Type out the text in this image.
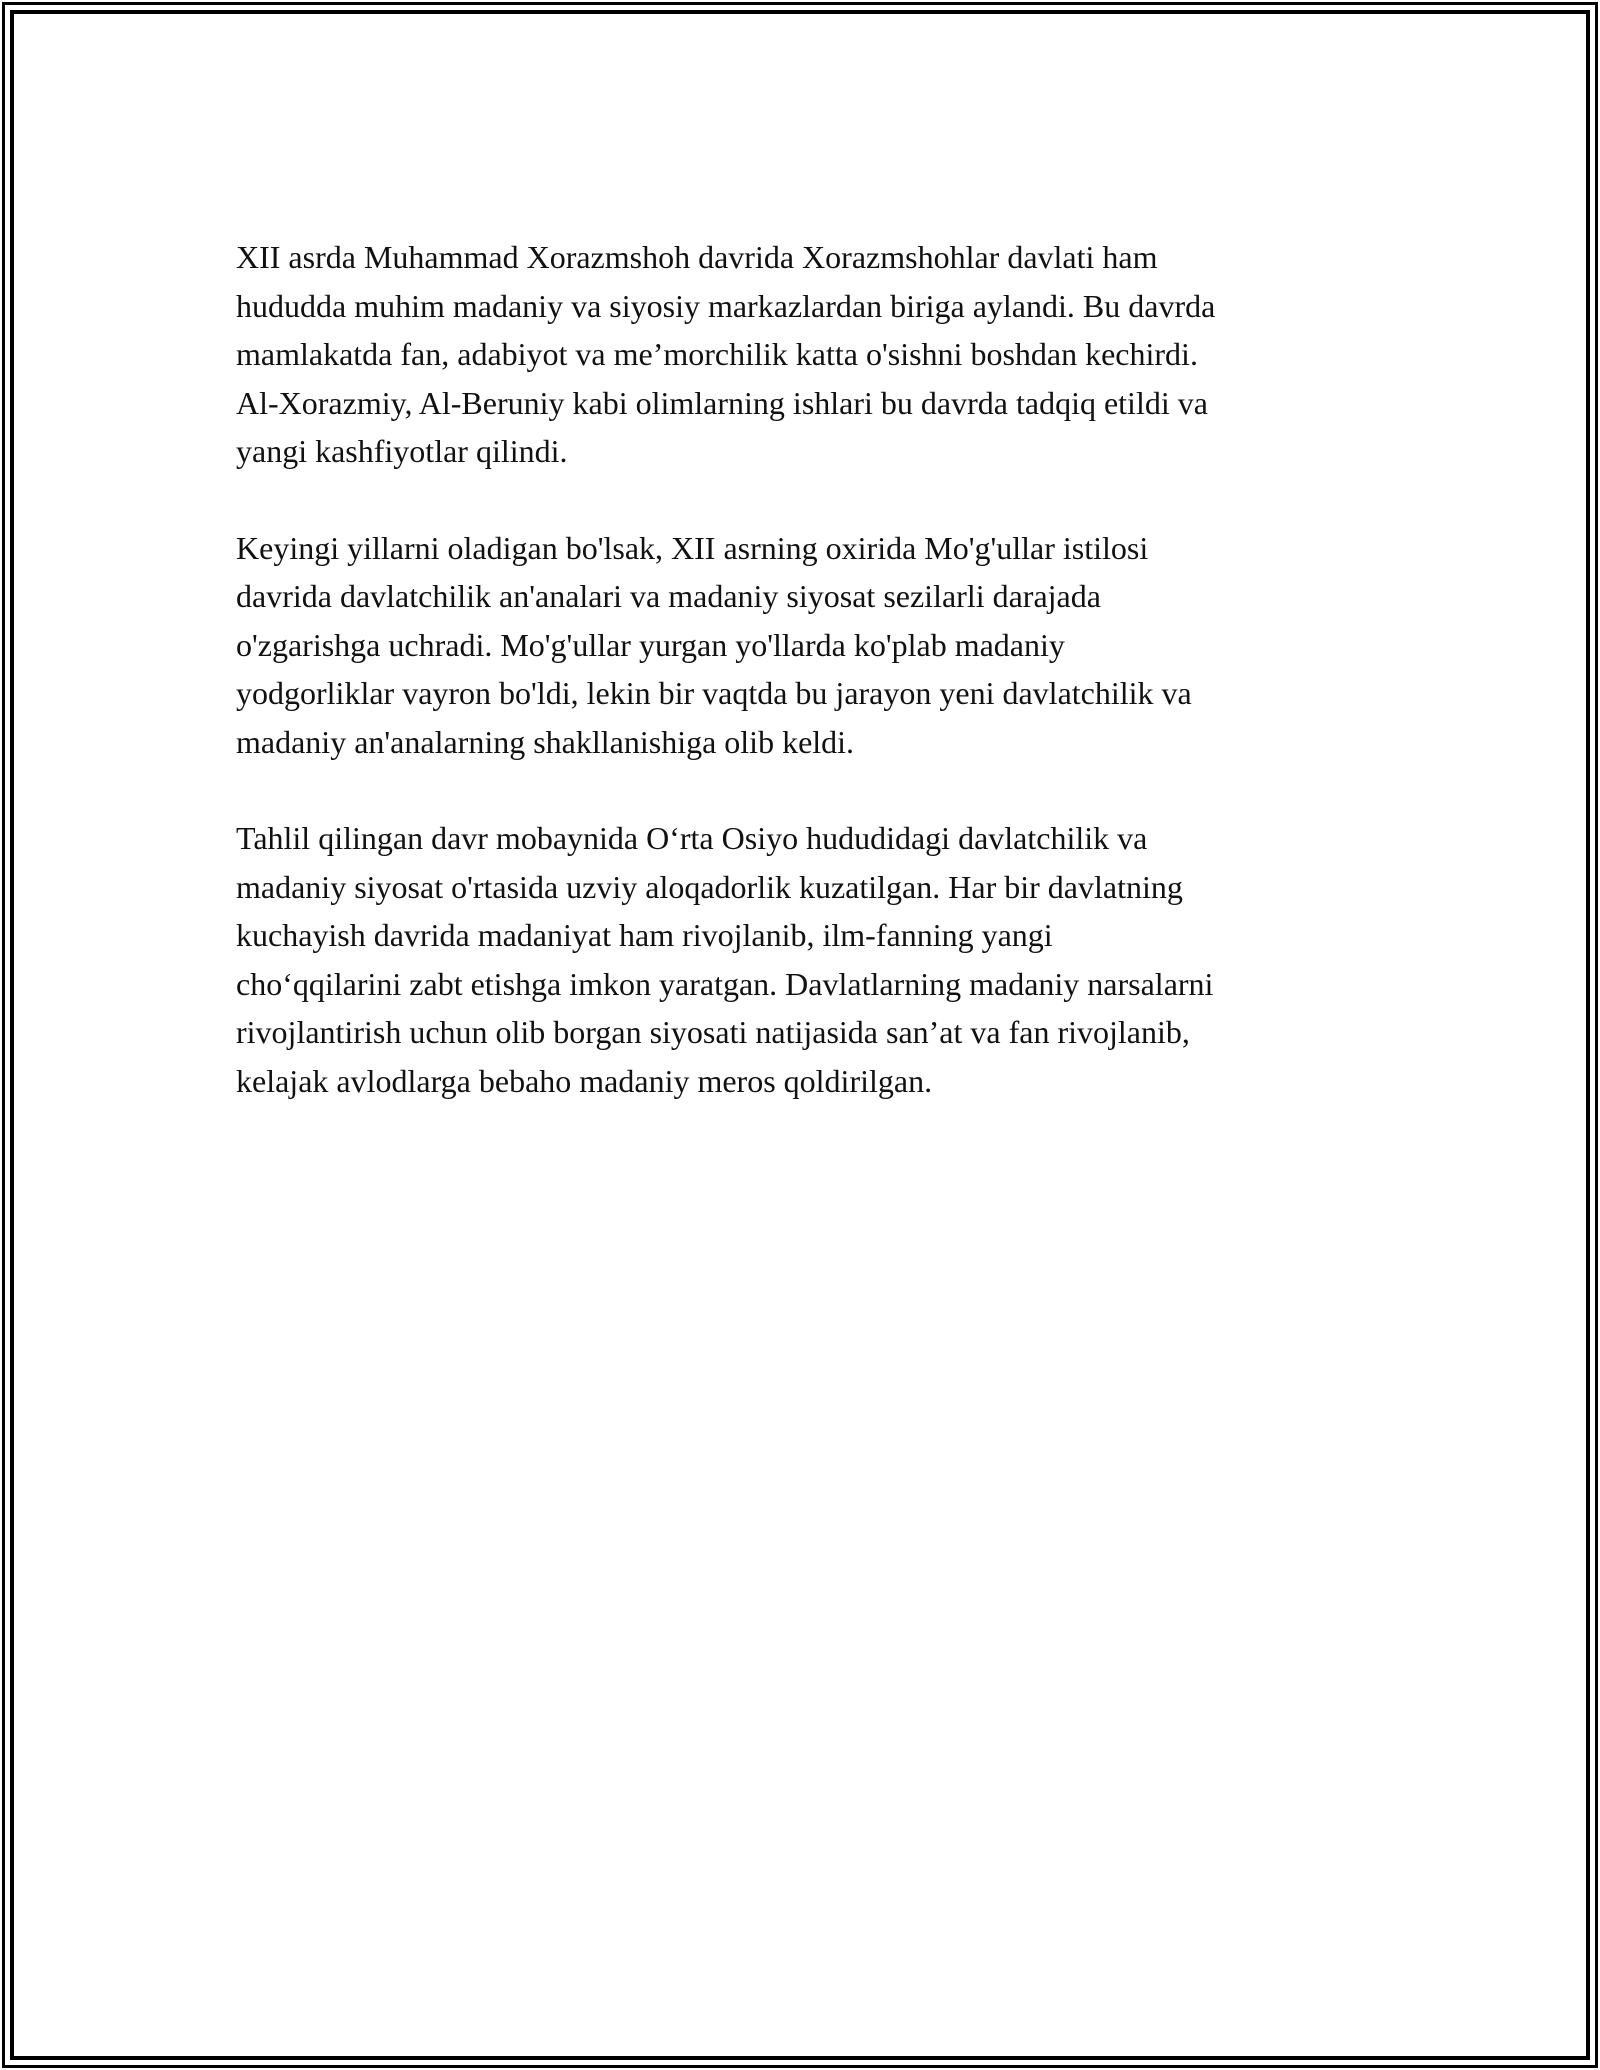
XII asrda Muhammad Xorazmshoh davrida Xorazmshohlar davlati ham
hududda muhim madaniy va siyosiy markazlardan biriga aylandi. Bu davrda
mamlakatda fan, adabiyot va me’morchilik katta o'sishni boshdan kechirdi.
Al-Xorazmiy, Al-Beruniy kabi olimlarning ishlari bu davrda tadqiq etildi va
yangi kashfiyotlar qilindi.

Keyingi yillarni oladigan bo'lsak, XII asrning oxirida Mo'g'ullar istilosi
davrida davlatchilik an'analari va madaniy siyosat sezilarli darajada
o'zgarishga uchradi. Mo'g'ullar yurgan yo'llarda ko'plab madaniy
yodgorliklar vayron bo'ldi, lekin bir vaqtda bu jarayon yeni davlatchilik va
madaniy an'analarning shakllanishiga olib keldi.

Tahlil qilingan davr mobaynida O‘rta Osiyo hududidagi davlatchilik va
madaniy siyosat o'rtasida uzviy aloqadorlik kuzatilgan. Har bir davlatning
kuchayish davrida madaniyat ham rivojlanib, ilm-fanning yangi
cho‘qqilarini zabt etishga imkon yaratgan. Davlatlarning madaniy narsalarni
rivojlantirish uchun olib borgan siyosati natijasida san’at va fan rivojlanib,
kelajak avlodlarga bebaho madaniy meros qoldirilgan.
